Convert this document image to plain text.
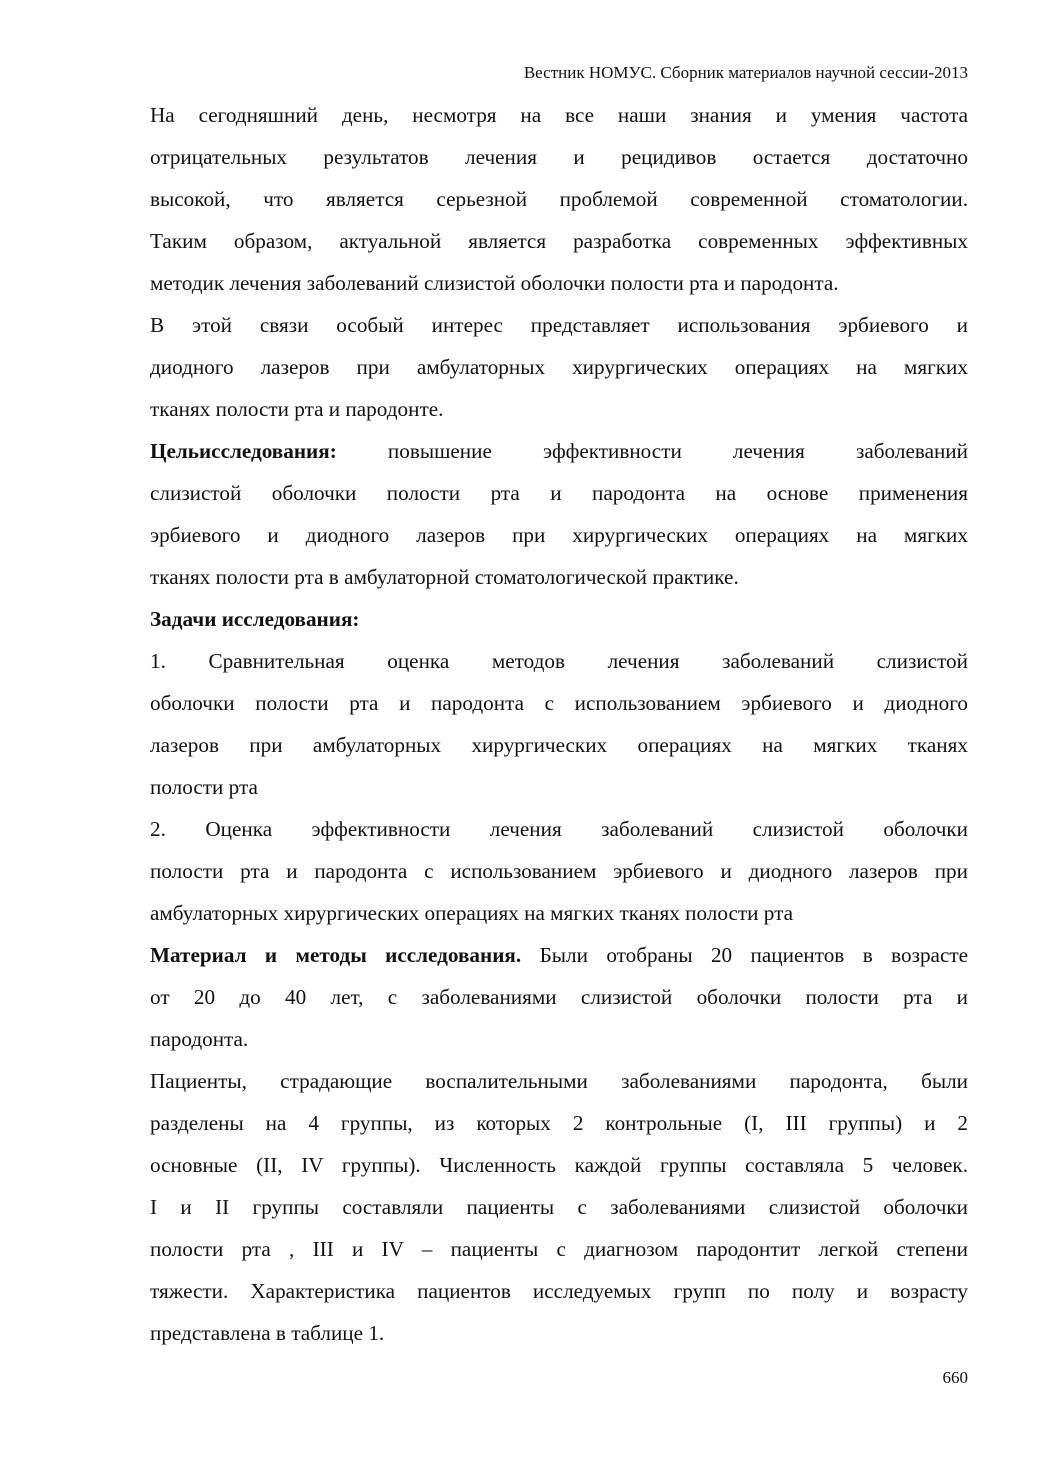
Вестник НОМУС. Сборник материалов научной сессии-2013

На сегодняшний день, несмотря на все наши знания и умения частота
отрицательных результатов лечения и рецидивов остается достаточно
высокой, что является серьезной проблемой современной стоматологии.
Таким образом, актуальной является разработка современных эффективных
методик лечения заболеваний слизистой оболочки полости рта и пародонта.

В этой связи особый интерес представляет использования эрбиевого и
диодного лазеров при амбулаторных хирургических операциях на мягких
тканях полости рта и пародонте.

Цельисследования: повышение эффективности лечения заболеваний
слизистой оболочки полости рта и пародонта на основе применения
эрбиевого и диодного лазеров при хирургических операциях на мягких
тканях полости рта в амбулаторной стоматологической практике.

Задачи исследования:

1. Сравнительная оценка методов лечения заболеваний слизистой
оболочки полости рта и пародонта с использованием эрбиевого и диодного
лазеров при амбулаторных хирургических операциях на мягких тканях
полости рта

2. Оценка эффективности лечения заболеваний слизистой оболочки
полости рта и пародонта с использованием эрбиевого и диодного лазеров при
амбулаторных хирургических операциях на мягких тканях полости рта

Материал и методы исследования. Были отобраны 20 пациентов в возрасте
от 20 до 40 лет, с заболеваниями слизистой оболочки полости рта и
пародонта.

Пациенты, страдающие воспалительными заболеваниями пародонта, были
разделены на 4 группы, из которых 2 контрольные (I, III группы) и 2
основные (II, IV группы). Численность каждой группы составляла 5 человек.
I и II группы составляли пациенты с заболеваниями слизистой оболочки
полости рта , III и IV – пациенты с диагнозом пародонтит легкой степени
тяжести. Характеристика пациентов исследуемых групп по полу и возрасту
представлена в таблице 1.

660
